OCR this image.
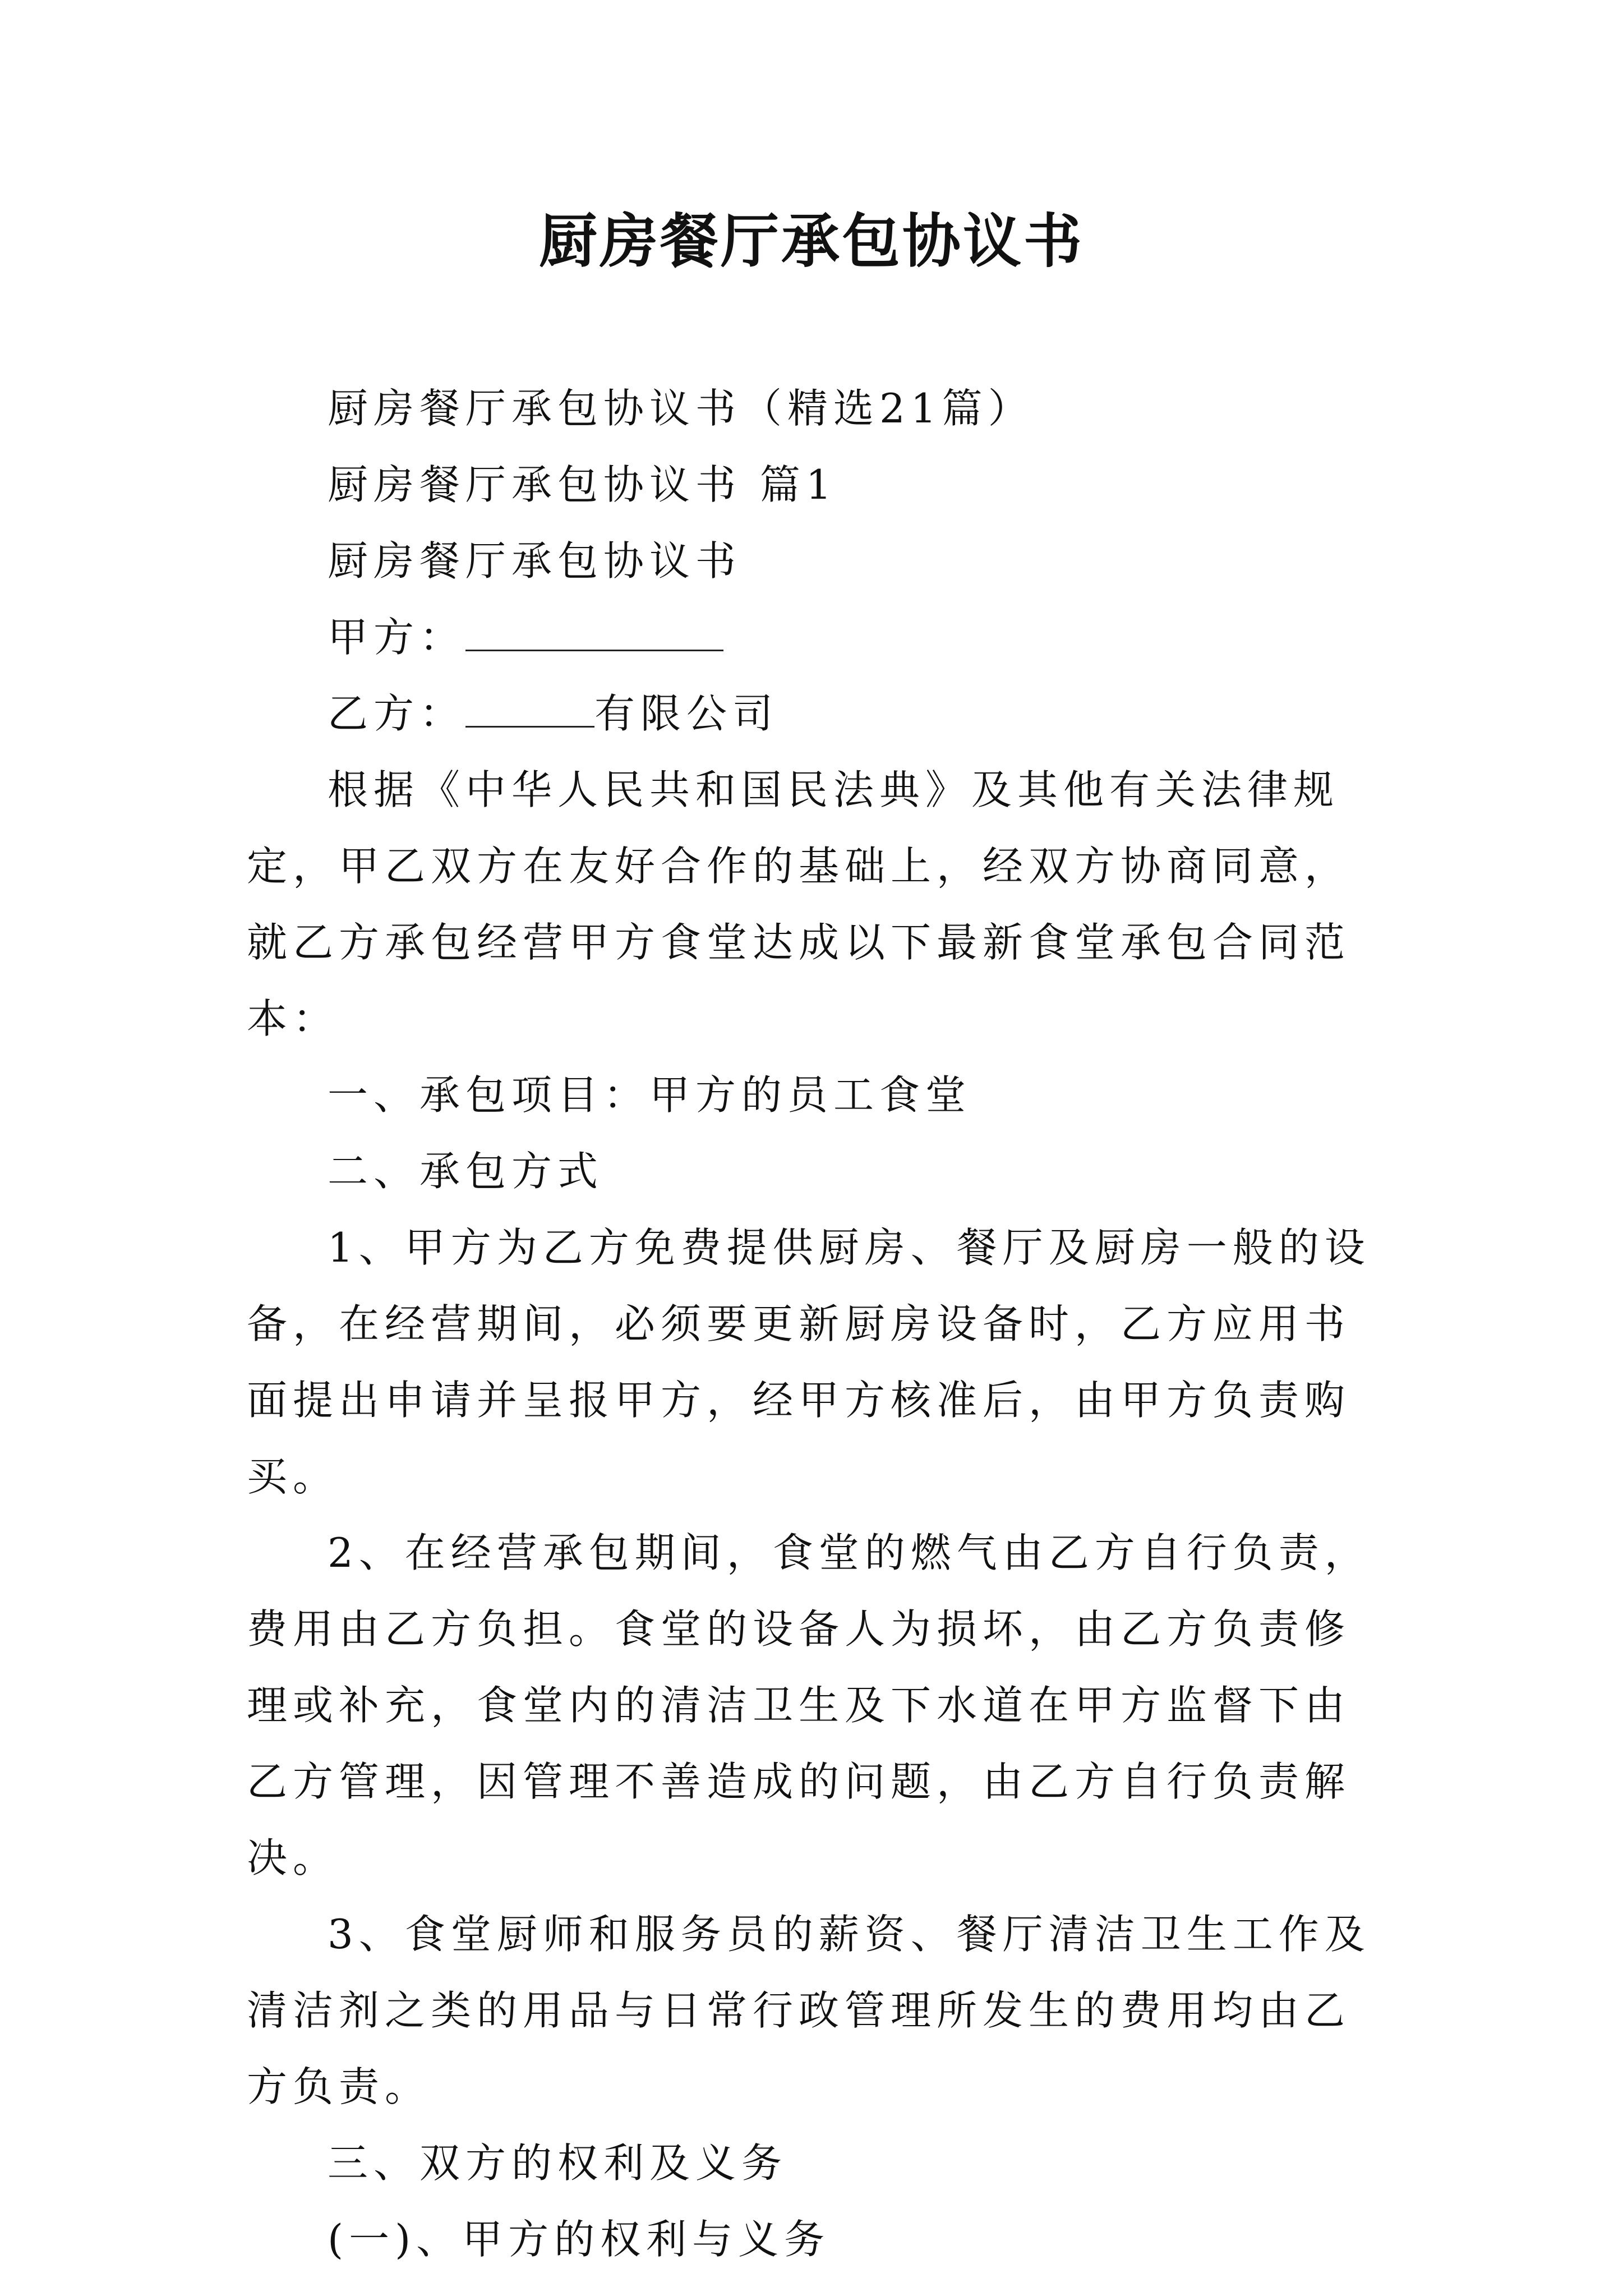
厨房餐厅承包协议书

厨房餐厅承包协议书（精选21篇）

厨房餐厅承包协议书 篇1

厨房餐厅承包协议书

甲方：

乙方：	有限公司

根据《中华人民共和国民法典》及其他有关法律规定，甲乙双方在友好合作的基础上，经双方协商同意，就乙方承包经营甲方食堂达成以下最新食堂承包合同范本：

一、承包项目：甲方的员工食堂

二、承包方式

1、甲方为乙方免费提供厨房、餐厅及厨房一般的设备，在经营期间，必须要更新厨房设备时，乙方应用书面提出申请并呈报甲方，经甲方核准后，由甲方负责购买。

2、在经营承包期间，食堂的燃气由乙方自行负责，费用由乙方负担。食堂的设备人为损坏，由乙方负责修理或补充，食堂内的清洁卫生及下水道在甲方监督下由乙方管理，因管理不善造成的问题，由乙方自行负责解决。

3、食堂厨师和服务员的薪资、餐厅清洁卫生工作及清洁剂之类的用品与日常行政管理所发生的费用均由乙方负责。

三、双方的权利及义务

(一)、甲方的权利与义务
